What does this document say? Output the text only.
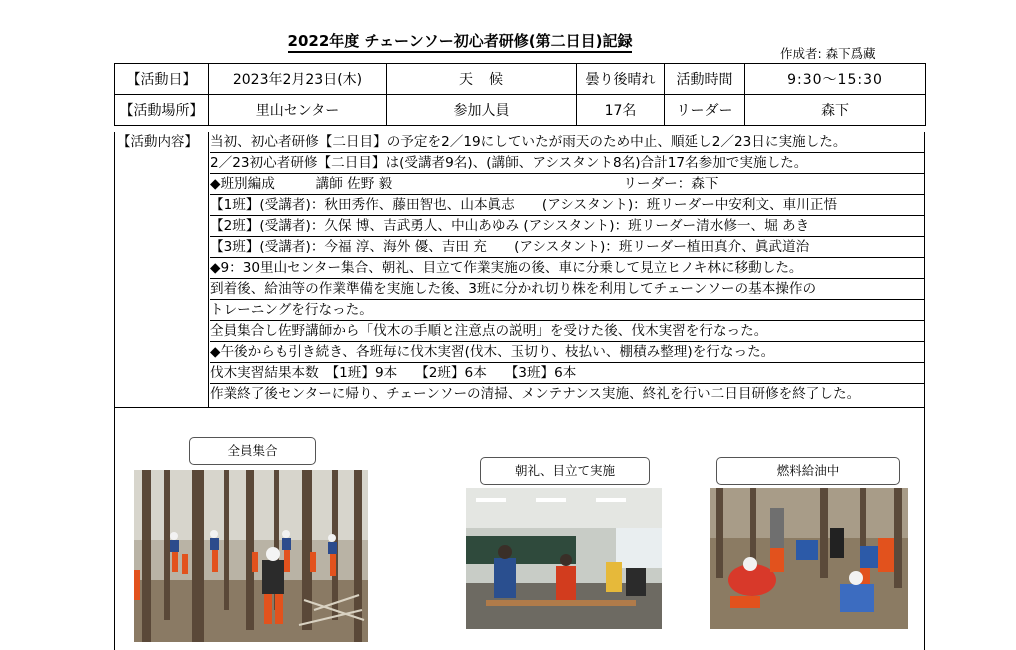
2022年度 チェーンソー初心者研修(第二日目)記録
作成者: 森下爲藏
【活動日】	2023年2月23日(木)	天　候	曇り後晴れ	活動時間	9:30～15:30
【活動場所】	里山センター	参加人員	17名	リーダー	森下
【活動内容】 当初、初心者研修【二日目】の予定を2／19にしていたが雨天のため中止、順延し2／23日に実施した。
2／23初心者研修【二日目】は(受講者9名)、(講師、アシスタント8名)合計17名参加で実施した。
◆班別編成　　　講師 佐野 毅　　　　　　　　　　　　　　　　　リーダー：森下
【1班】(受講者)：秋田秀作、藤田智也、山本眞志　　(アシスタント)：班リーダー中安利文、車川正悟
【2班】(受講者)：久保 博、吉武勇人、中山あゆみ (アシスタント)：班リーダー清水修一、堀 あき
【3班】(受講者)：今福 淳、海外 優、吉田 充　　(アシスタント)：班リーダー植田真介、眞武道治
◆9：30里山センター集合、朝礼、目立て作業実施の後、車に分乗して見立ヒノキ林に移動した。
到着後、給油等の作業準備を実施した後、3班に分かれ切り株を利用してチェーンソーの基本操作の
トレーニングを行なった。
全員集合し佐野講師から「伐木の手順と注意点の説明」を受けた後、伐木実習を行なった。
◆午後からも引き続き、各班毎に伐木実習(伐木、玉切り、枝払い、棚積み整理)を行なった。
伐木実習結果本数　【1班】9本　 【2班】6本　 【3班】6本
作業終了後センターに帰り、チェーンソーの清掃、メンテナンス実施、終礼を行い二日目研修を終了した。
全員集合
朝礼、目立て実施	燃料給油中
